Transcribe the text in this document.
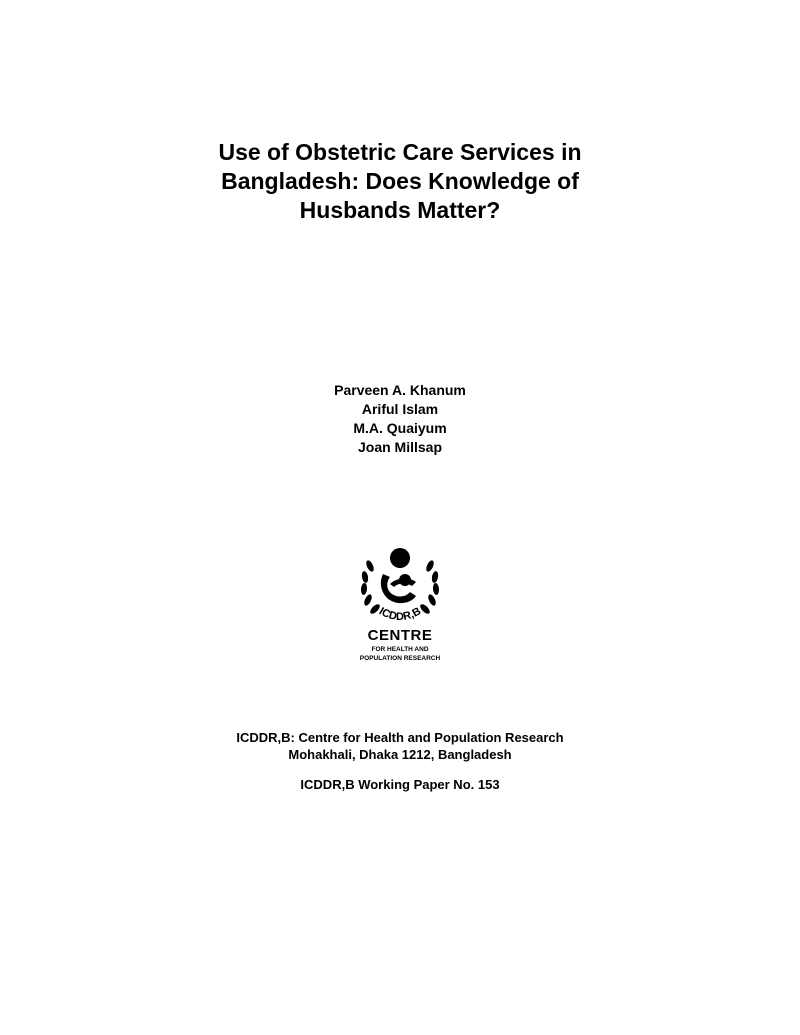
Use of Obstetric Care Services in
Bangladesh: Does Knowledge of
Husbands Matter?
Parveen A. Khanum
Ariful Islam
M.A. Quaiyum
Joan Millsap
ICDDR,B
CENTRE
FOR HEALTH AND
POPULATION RESEARCH
ICDDR,B: Centre for Health and Population Research
Mohakhali, Dhaka 1212, Bangladesh
ICDDR,B Working Paper No. 153
